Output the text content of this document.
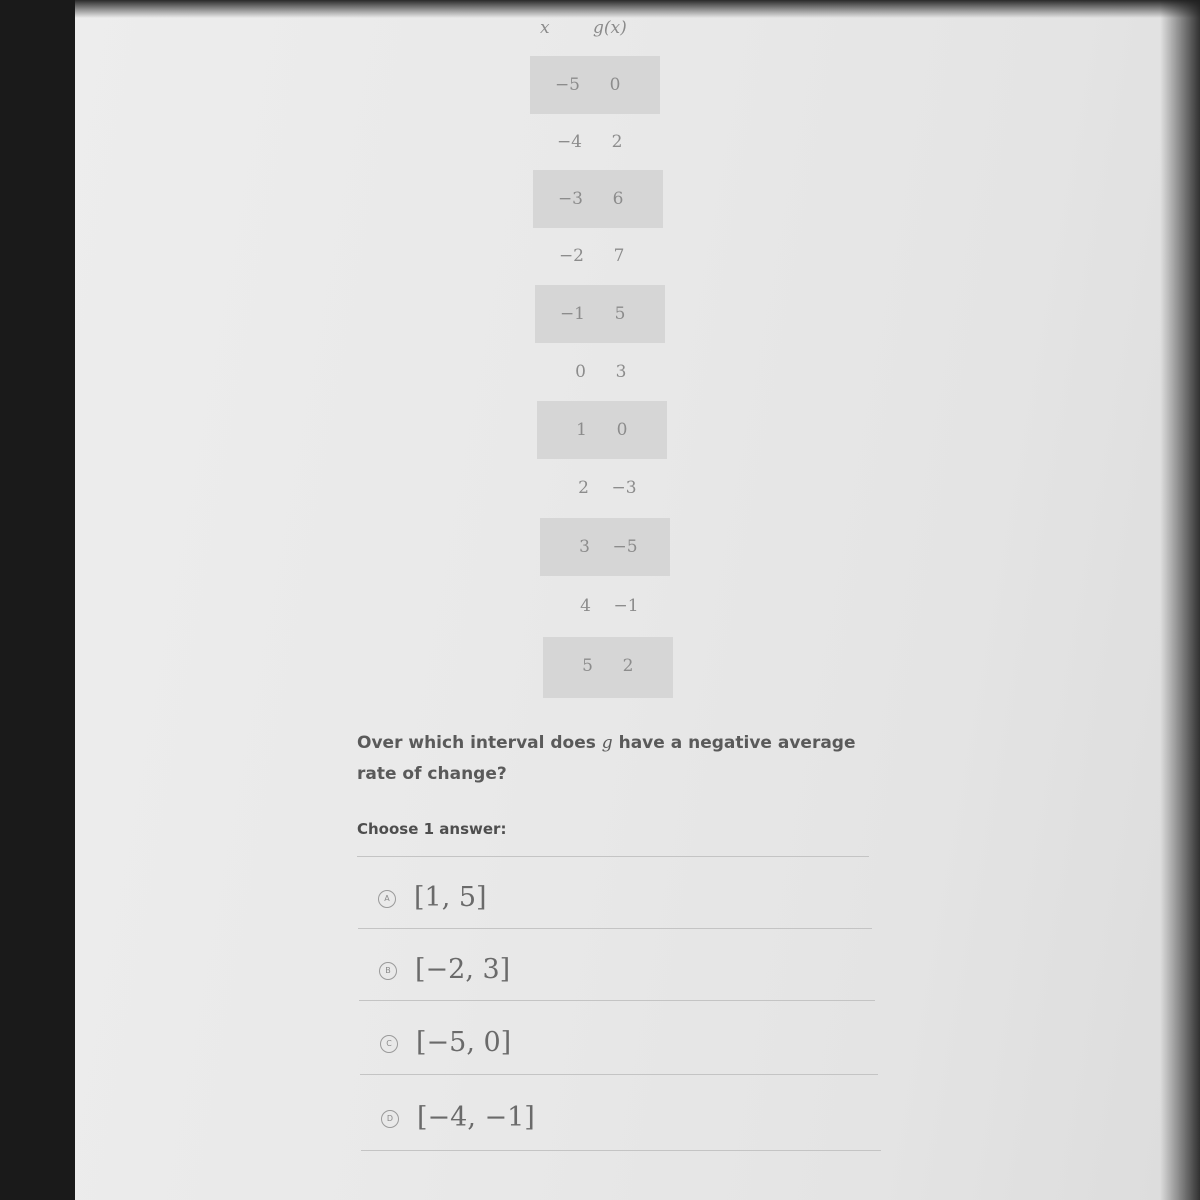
x	g(x)
−5	0
−4	2
−3	6
−2	7
−1	5
0	3
1	0
2	−3
3	−5
4	−1
5	2
Over which interval does g have a negative average rate of change?
Choose 1 answer:
A [1, 5]
B [−2, 3]
C [−5, 0]
D [−4, −1]
